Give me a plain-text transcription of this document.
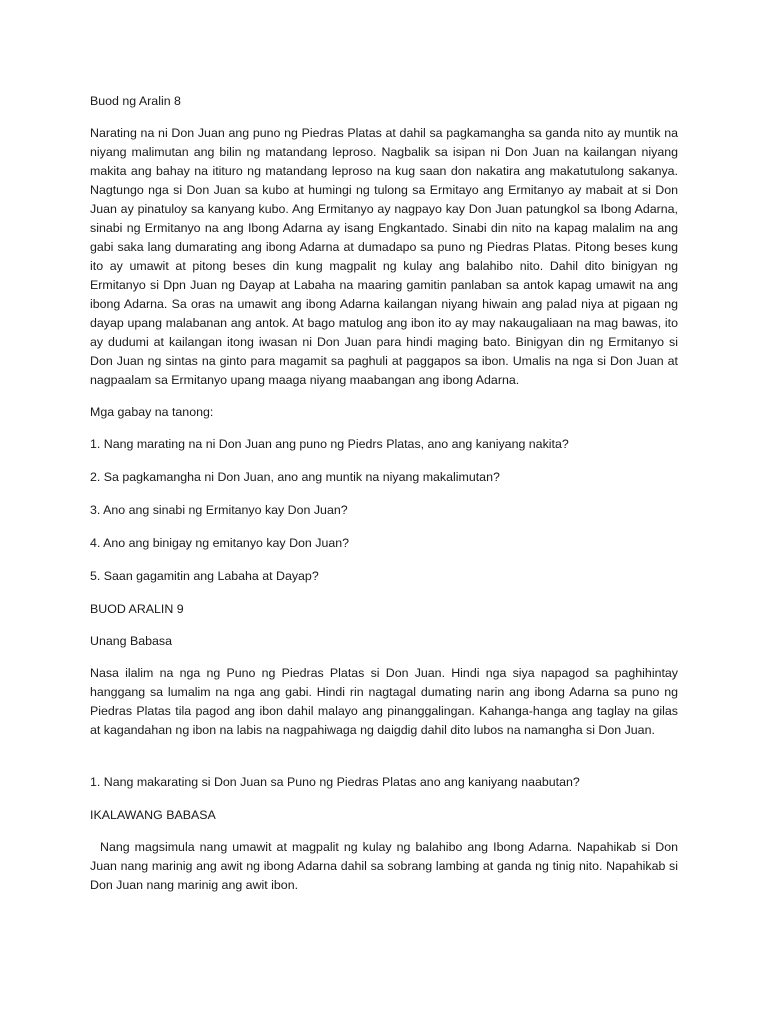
Buod ng Aralin 8

Narating na ni Don Juan ang puno ng Piedras Platas at dahil sa pagkamangha sa ganda nito ay muntik na niyang malimutan ang bilin ng matandang leproso. Nagbalik sa isipan ni Don Juan na kailangan niyang makita ang bahay na itituro ng matandang leproso na kug saan don nakatira ang makatutulong sakanya. Nagtungo nga si Don Juan sa kubo at humingi ng tulong sa Ermitayo ang Ermitanyo ay mabait at si Don Juan ay pinatuloy sa kanyang kubo. Ang Ermitanyo ay nagpayo kay Don Juan patungkol sa Ibong Adarna, sinabi ng Ermitanyo na ang Ibong Adarna ay isang Engkantado. Sinabi din nito na kapag malalim na ang gabi saka lang dumarating ang ibong Adarna at dumadapo sa puno ng Piedras Platas. Pitong beses kung ito ay umawit at pitong beses din kung magpalit ng kulay ang balahibo nito. Dahil dito binigyan ng Ermitanyo si Dpn Juan ng Dayap at Labaha na maaring gamitin panlaban sa antok kapag umawit na ang ibong Adarna. Sa oras na umawit ang ibong Adarna kailangan niyang hiwain ang palad niya at pigaan ng dayap upang malabanan ang antok. At bago matulog ang ibon ito ay may nakaugaliaan na mag bawas, ito ay dudumi at kailangan itong iwasan ni Don Juan para hindi maging bato. Binigyan din ng Ermitanyo si Don Juan ng sintas na ginto para magamit sa paghuli at paggapos sa ibon. Umalis na nga si Don Juan at nagpaalam sa Ermitanyo upang maaga niyang maabangan ang ibong Adarna.

Mga gabay na tanong:

1. Nang marating na ni Don Juan ang puno ng Piedrs Platas, ano ang kaniyang nakita?

2. Sa pagkamangha ni Don Juan, ano ang muntik na niyang makalimutan?

3. Ano ang sinabi ng Ermitanyo kay Don Juan?

4. Ano ang binigay ng emitanyo kay Don Juan?

5. Saan gagamitin ang Labaha at Dayap?

BUOD ARALIN 9

Unang Babasa

Nasa ilalim na nga ng Puno ng Piedras Platas si Don Juan. Hindi nga siya napagod sa paghihintay hanggang sa lumalim na nga ang gabi. Hindi rin nagtagal dumating narin ang ibong Adarna sa puno ng Piedras Platas tila pagod ang ibon dahil malayo ang pinanggalingan. Kahanga-hanga ang taglay na gilas at kagandahan ng ibon na labis na nagpahiwaga ng daigdig dahil dito lubos na namangha si Don Juan.

1. Nang makarating si Don Juan sa Puno ng Piedras Platas ano ang kaniyang naabutan?

IKALAWANG BABASA

Nang magsimula nang umawit at magpalit ng kulay ng balahibo ang Ibong Adarna. Napahikab si Don Juan nang marinig ang awit ng ibong Adarna dahil sa sobrang lambing at ganda ng tinig nito. Napahikab si Don Juan nang marinig ang awit ibon.
